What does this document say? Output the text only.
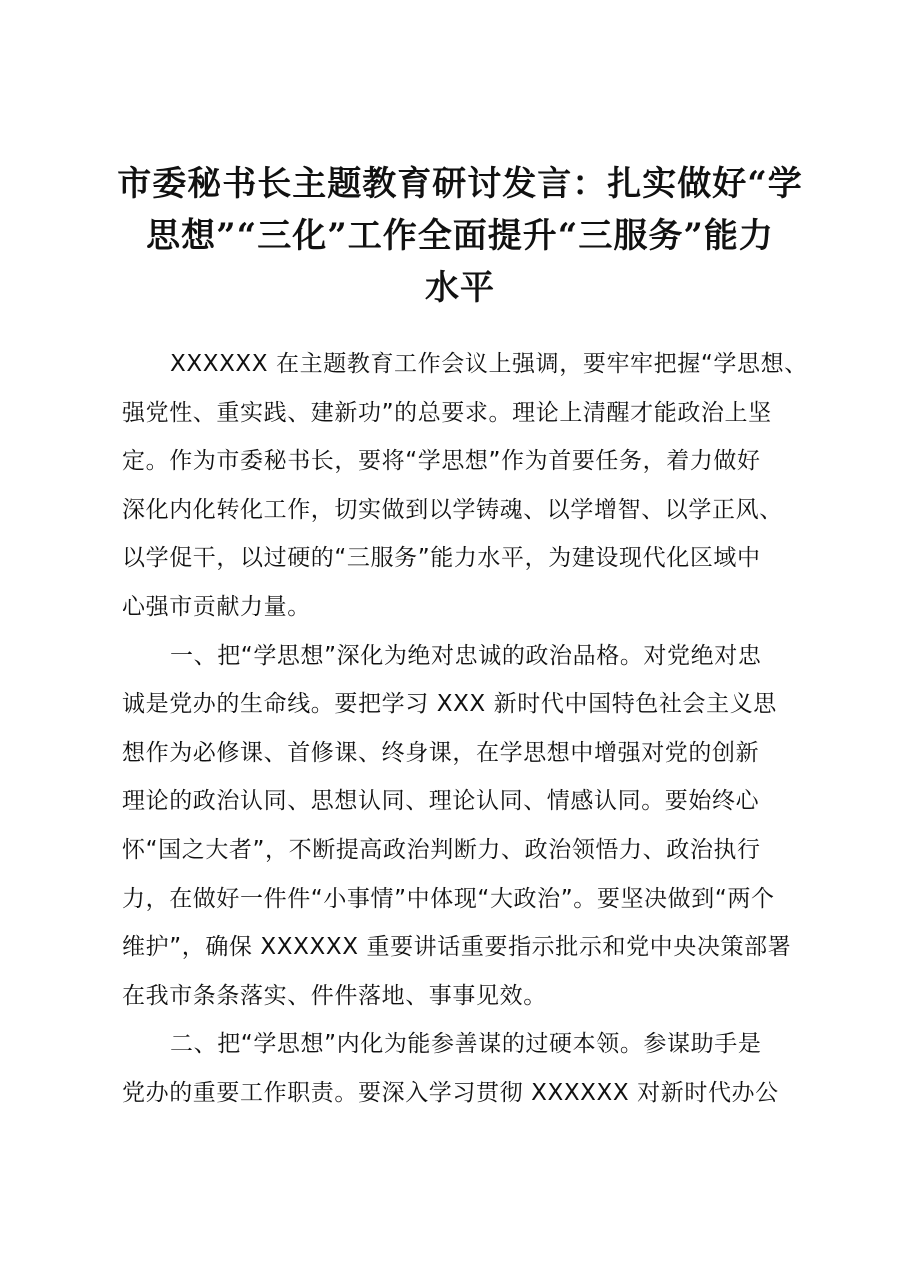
市委秘书长主题教育研讨发言：扎实做好“学
思想”“三化”工作全面提升“三服务”能力
水平
XXXXXX 在主题教育工作会议上强调，要牢牢把握“学思想、
强党性、重实践、建新功”的总要求。理论上清醒才能政治上坚
定。作为市委秘书长，要将“学思想”作为首要任务，着力做好
深化内化转化工作，切实做到以学铸魂、以学增智、以学正风、
以学促干，以过硬的“三服务”能力水平，为建设现代化区域中
心强市贡献力量。
一、把“学思想”深化为绝对忠诚的政治品格。对党绝对忠
诚是党办的生命线。要把学习 XXX 新时代中国特色社会主义思
想作为必修课、首修课、终身课，在学思想中增强对党的创新
理论的政治认同、思想认同、理论认同、情感认同。要始终心
怀“国之大者”，不断提高政治判断力、政治领悟力、政治执行
力，在做好一件件“小事情”中体现“大政治”。要坚决做到“两个
维护”，确保 XXXXXX 重要讲话重要指示批示和党中央决策部署
在我市条条落实、件件落地、事事见效。
二、把“学思想”内化为能参善谋的过硬本领。参谋助手是
党办的重要工作职责。要深入学习贯彻 XXXXXX 对新时代办公
